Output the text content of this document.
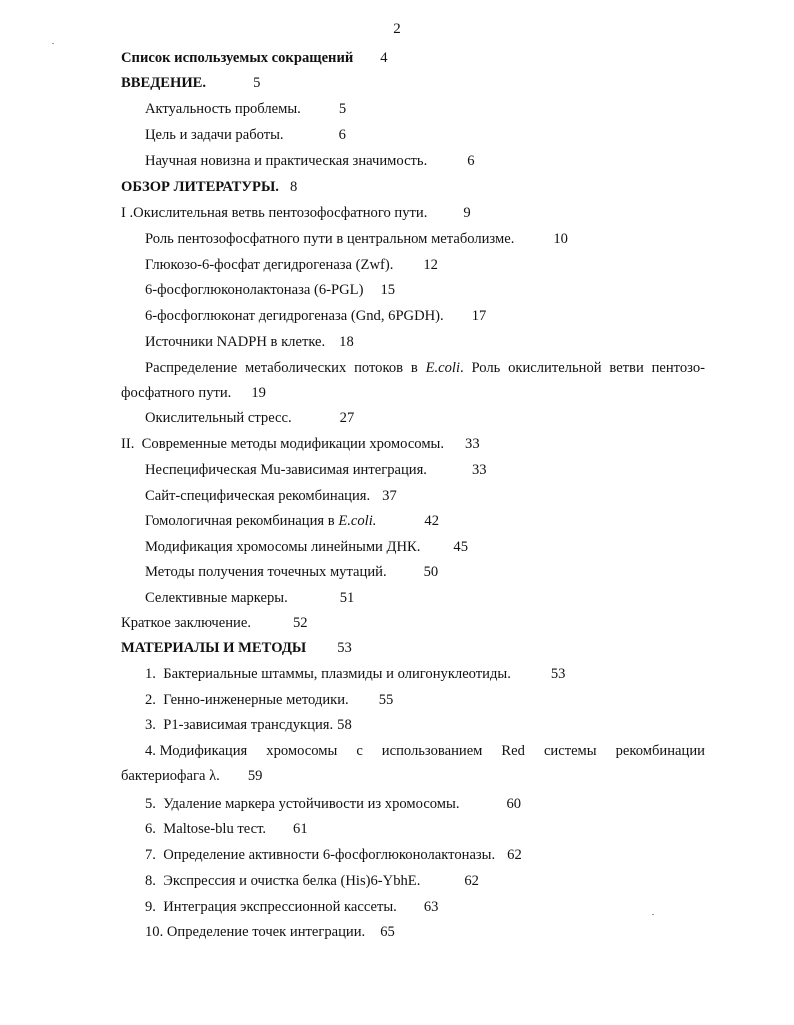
2
Список используемых сокращений 4
ВВЕДЕНИЕ.	5
Актуальность проблемы.	5
Цель и задачи работы.	6
Научная новизна и практическая значимость.	6
ОБЗОР ЛИТЕРАТУРЫ. 8
I .Окислительная ветвь пентозофосфатного пути. 9
Роль пентозофосфатного пути в центральном метаболизме.	10
Глюкозо-6-фосфат дегидрогеназа (Zwf). 12
6-фосфоглюконолактоназа (6-PGL) 15
6-фосфоглюконат дегидрогеназа (Gnd, 6PGDH). 17
Источники NADPH в клетке. 18
Распределение метаболических потоков в E.coli. Роль окислительной ветви пентозо-
фосфатного пути. 19
Окислительный стресс.	27
II.  Современные методы модификации хромосомы. 33
Неспецифическая Mu-зависимая интеграция.	33
Сайт-специфическая рекомбинация. 37
Гомологичная рекомбинация в E.coli.	42
Модификация хромосомы линейными ДНК. 45
Методы получения точечных мутаций.	50
Селективные маркеры.	51
Краткое заключение.	52
МАТЕРИАЛЫ И МЕТОДЫ 53
1.  Бактериальные штаммы, плазмиды и олигонуклеотиды.	53
2.  Генно-инженерные методики. 55
3.  P1-зависимая трансдукция. 58
4. Модификация хромосомы с использованием Red системы рекомбинации
бактериофага λ. 59
5.  Удаление маркера устойчивости из хромосомы.	60
6.  Maltose-blu тест. 61
7.  Определение активности 6-фосфоглюконолактоназы. 62
8.  Экспрессия и очистка белка (His)6-YbhE.	62
9.  Интеграция экспрессионной кассеты. 63
10. Определение точек интеграции. 65
